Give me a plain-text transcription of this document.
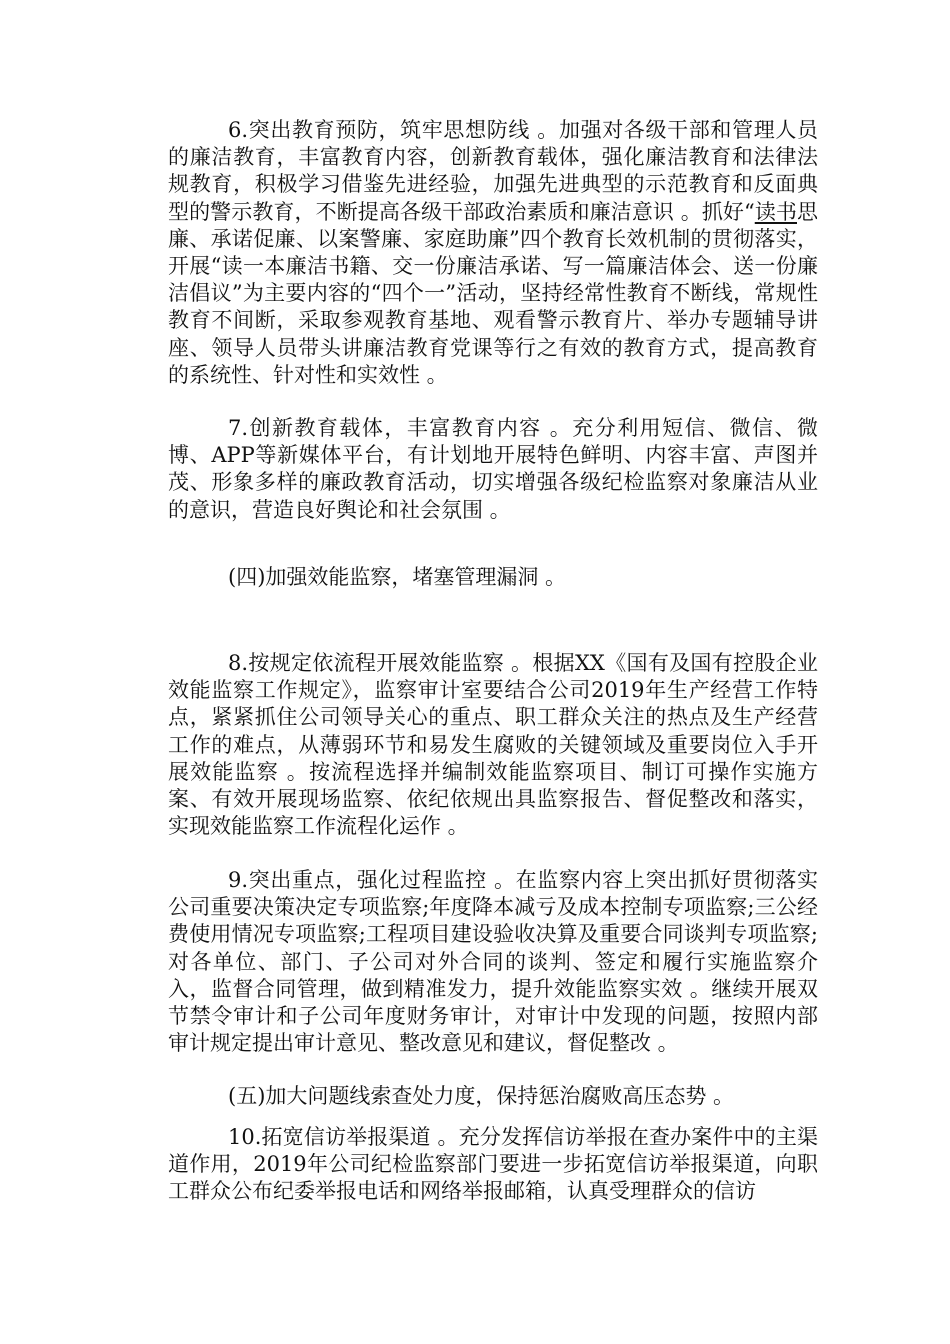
6.突出教育预防，筑牢思想防线 。加强对各级干部和管理人员的廉洁教育，丰富教育内容，创新教育载体，强化廉洁教育和法律法规教育，积极学习借鉴先进经验，加强先进典型的示范教育和反面典型的警示教育，不断提高各级干部政治素质和廉洁意识 。抓好“读书思廉、承诺促廉、以案警廉、家庭助廉”四个教育长效机制的贯彻落实，开展“读一本廉洁书籍、交一份廉洁承诺、写一篇廉洁体会、送一份廉洁倡议”为主要内容的“四个一”活动，坚持经常性教育不断线，常规性教育不间断，采取参观教育基地、观看警示教育片、举办专题辅导讲座、领导人员带头讲廉洁教育党课等行之有效的教育方式，提高教育的系统性、针对性和实效性 。

7.创新教育载体，丰富教育内容 。充分利用短信、微信、微博、APP等新媒体平台，有计划地开展特色鲜明、内容丰富、声图并茂、形象多样的廉政教育活动，切实增强各级纪检监察对象廉洁从业的意识，营造良好舆论和社会氛围 。

(四)加强效能监察，堵塞管理漏洞 。

8.按规定依流程开展效能监察 。根据XX《国有及国有控股企业效能监察工作规定》，监察审计室要结合公司2019年生产经营工作特点，紧紧抓住公司领导关心的重点、职工群众关注的热点及生产经营工作的难点，从薄弱环节和易发生腐败的关键领域及重要岗位入手开展效能监察 。按流程选择并编制效能监察项目、制订可操作实施方案、有效开展现场监察、依纪依规出具监察报告、督促整改和落实，实现效能监察工作流程化运作 。

9.突出重点，强化过程监控 。在监察内容上突出抓好贯彻落实公司重要决策决定专项监察;年度降本减亏及成本控制专项监察;三公经费使用情况专项监察;工程项目建设验收决算及重要合同谈判专项监察;对各单位、部门、子公司对外合同的谈判、签定和履行实施监察介入，监督合同管理，做到精准发力，提升效能监察实效 。继续开展双节禁令审计和子公司年度财务审计，对审计中发现的问题，按照内部审计规定提出审计意见、整改意见和建议，督促整改 。

(五)加大问题线索查处力度，保持惩治腐败高压态势 。

10.拓宽信访举报渠道 。充分发挥信访举报在查办案件中的主渠道作用，2019年公司纪检监察部门要进一步拓宽信访举报渠道，向职工群众公布纪委举报电话和网络举报邮箱，认真受理群众的信访
